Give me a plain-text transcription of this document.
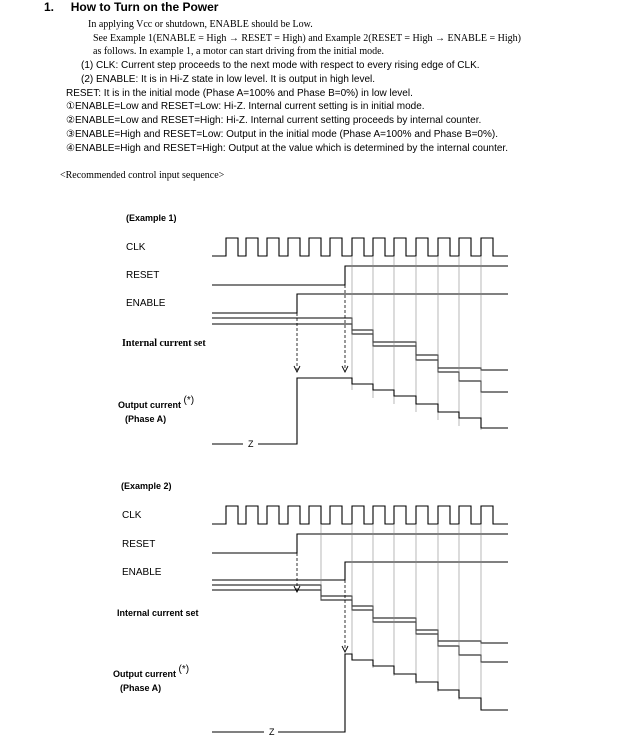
1. How to Turn on the Power
In applying Vcc or shutdown, ENABLE should be Low.
See Example 1(ENABLE = High → RESET = High) and Example 2(RESET = High → ENABLE = High)
as follows. In example 1, a motor can start driving from the initial mode.
(1) CLK: Current step proceeds to the next mode with respect to every rising edge of CLK.
(2) ENABLE: It is in Hi-Z state in low level. It is output in high level.
RESET: It is in the initial mode (Phase A=100% and Phase B=0%) in low level.
①ENABLE=Low and RESET=Low: Hi-Z. Internal current setting is in initial mode.
②ENABLE=Low and RESET=High: Hi-Z. Internal current setting proceeds by internal counter.
③ENABLE=High and RESET=Low: Output in the initial mode (Phase A=100% and Phase B=0%).
④ENABLE=High and RESET=High: Output at the value which is determined by the internal counter.
<Recommended control input sequence>
(Example 1)
CLK
RESET
ENABLE
Internal current set
Output current (*)
(Phase A)
Z
(Example 2)
CLK
RESET
ENABLE
Internal current set
Output current (*)
(Phase A)
Z
